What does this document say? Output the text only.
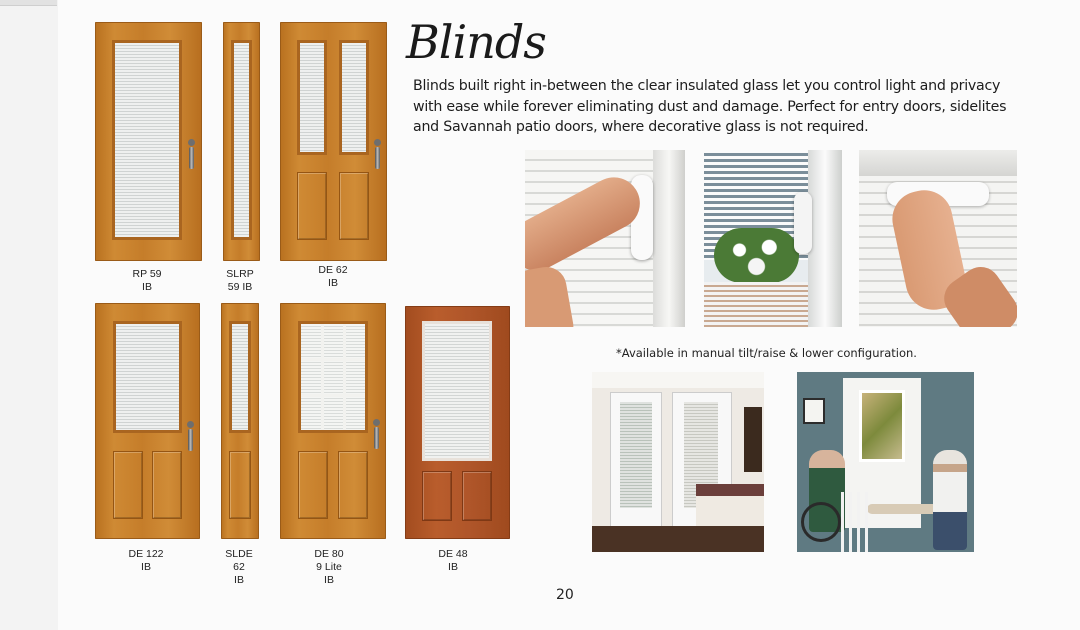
RP 59
IB
SLRP
59 IB
DE 62
IB
DE 122
IB
SLDE
62
IB
DE 80
9 Lite
IB
DE 48
IB
Blinds
Blinds built right in-between the clear insulated glass let you control light and privacy with ease while forever eliminating dust and damage. Perfect for entry doors, sidelites and Savannah patio doors, where decorative glass is not required.
*Available in manual tilt/raise & lower configuration.
20
